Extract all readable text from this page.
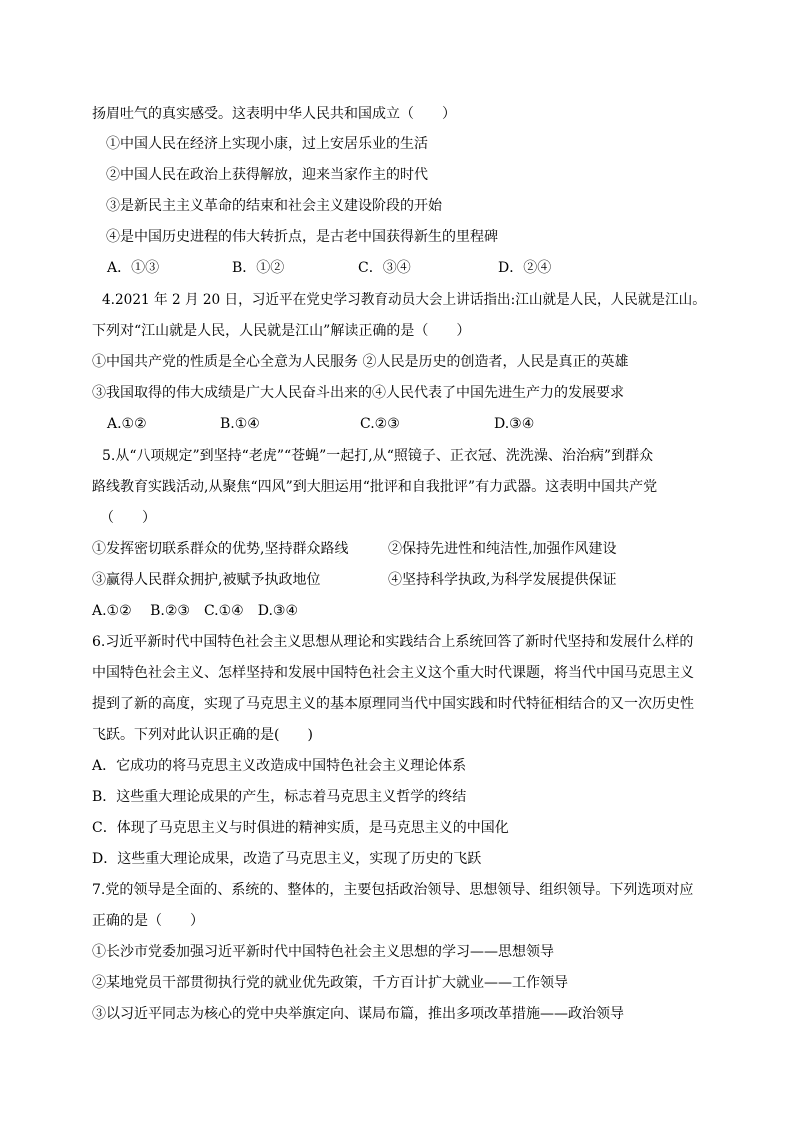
扬眉吐气的真实感受。这表明中华人民共和国成立（　　）
①中国人民在经济上实现小康，过上安居乐业的生活
②中国人民在政治上获得解放，迎来当家作主的时代
③是新民主主义革命的结束和社会主义建设阶段的开始
④是中国历史进程的伟大转折点，是古老中国获得新生的里程碑
A．①③	B．①②	C．③④	D．②④
4.2021 年 2 月 20 日，习近平在党史学习教育动员大会上讲话指出:江山就是人民，人民就是江山。
下列对“江山就是人民，人民就是江山”解读正确的是（　　）
①中国共产党的性质是全心全意为人民服务 ②人民是历史的创造者，人民是真正的英雄
③我国取得的伟大成绩是广大人民奋斗出来的④人民代表了中国先进生产力的发展要求
A.①②	B.①④	C.②③	D.③④
5.从“八项规定”到坚持“老虎”“苍蝇”一起打,从“照镜子、正衣冠、洗洗澡、治治病”到群众
路线教育实践活动,从聚焦“四风”到大胆运用“批评和自我批评”有力武器。这表明中国共产党
（　　）
①发挥密切联系群众的优势,坚持群众路线	②保持先进性和纯洁性,加强作风建设
③赢得人民群众拥护,被赋予执政地位	④坚持科学执政,为科学发展提供保证
A.①②　 B.②③　C.①④　D.③④
6.习近平新时代中国特色社会主义思想从理论和实践结合上系统回答了新时代坚持和发展什么样的
中国特色社会主义、怎样坚持和发展中国特色社会主义这个重大时代课题，将当代中国马克思主义
提到了新的高度，实现了马克思主义的基本原理同当代中国实践和时代特征相结合的又一次历史性
飞跃。下列对此认识正确的是(　　)
A．它成功的将马克思主义改造成中国特色社会主义理论体系
B．这些重大理论成果的产生，标志着马克思主义哲学的终结
C．体现了马克思主义与时俱进的精神实质，是马克思主义的中国化
D．这些重大理论成果，改造了马克思主义，实现了历史的飞跃
7.党的领导是全面的、系统的、整体的，主要包括政治领导、思想领导、组织领导。下列选项对应
正确的是（　　）
①长沙市党委加强习近平新时代中国特色社会主义思想的学习——思想领导
②某地党员干部贯彻执行党的就业优先政策，千方百计扩大就业——工作领导
③以习近平同志为核心的党中央举旗定向、谋局布篇，推出多项改革措施——政治领导
